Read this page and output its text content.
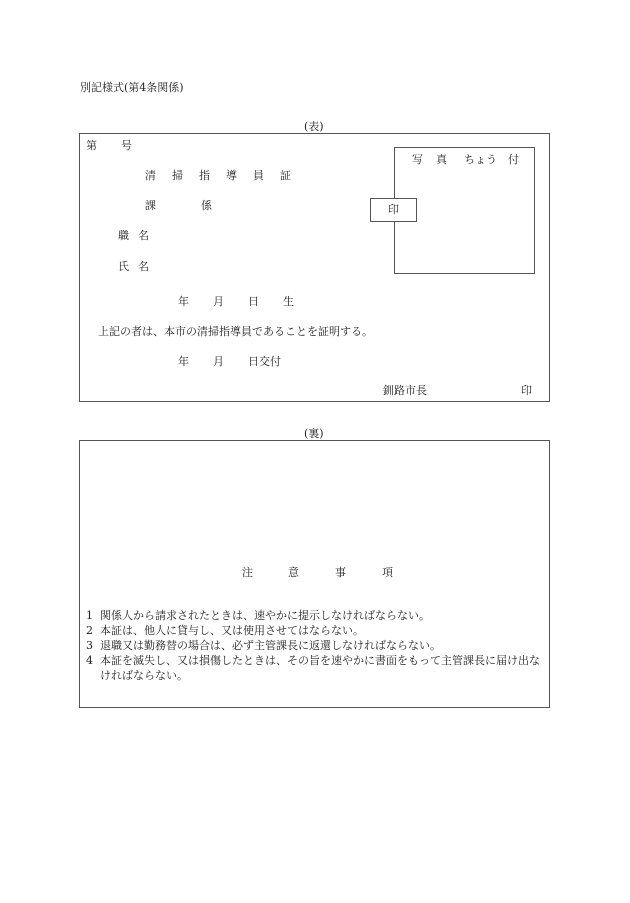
別記様式(第4条関係)
(表)
第 号
清 掃 指 導 員 証
課	係
職 名
氏 名
年 月 日 生
上記の者は、本市の清掃指導員であることを証明する。
年 月 日交付
釧路市長	印
写 真 ちょう 付
印
(裏)
注	意	事	項
1 関係人から請求されたときは、速やかに提示しなければならない。
2 本証は、他人に貸与し、又は使用させてはならない。
3 退職又は勤務替の場合は、必ず主管課長に返還しなければならない。
4 本証を滅失し、又は損傷したときは、その旨を速やかに書面をもって主管課長に届け出なければならない。
